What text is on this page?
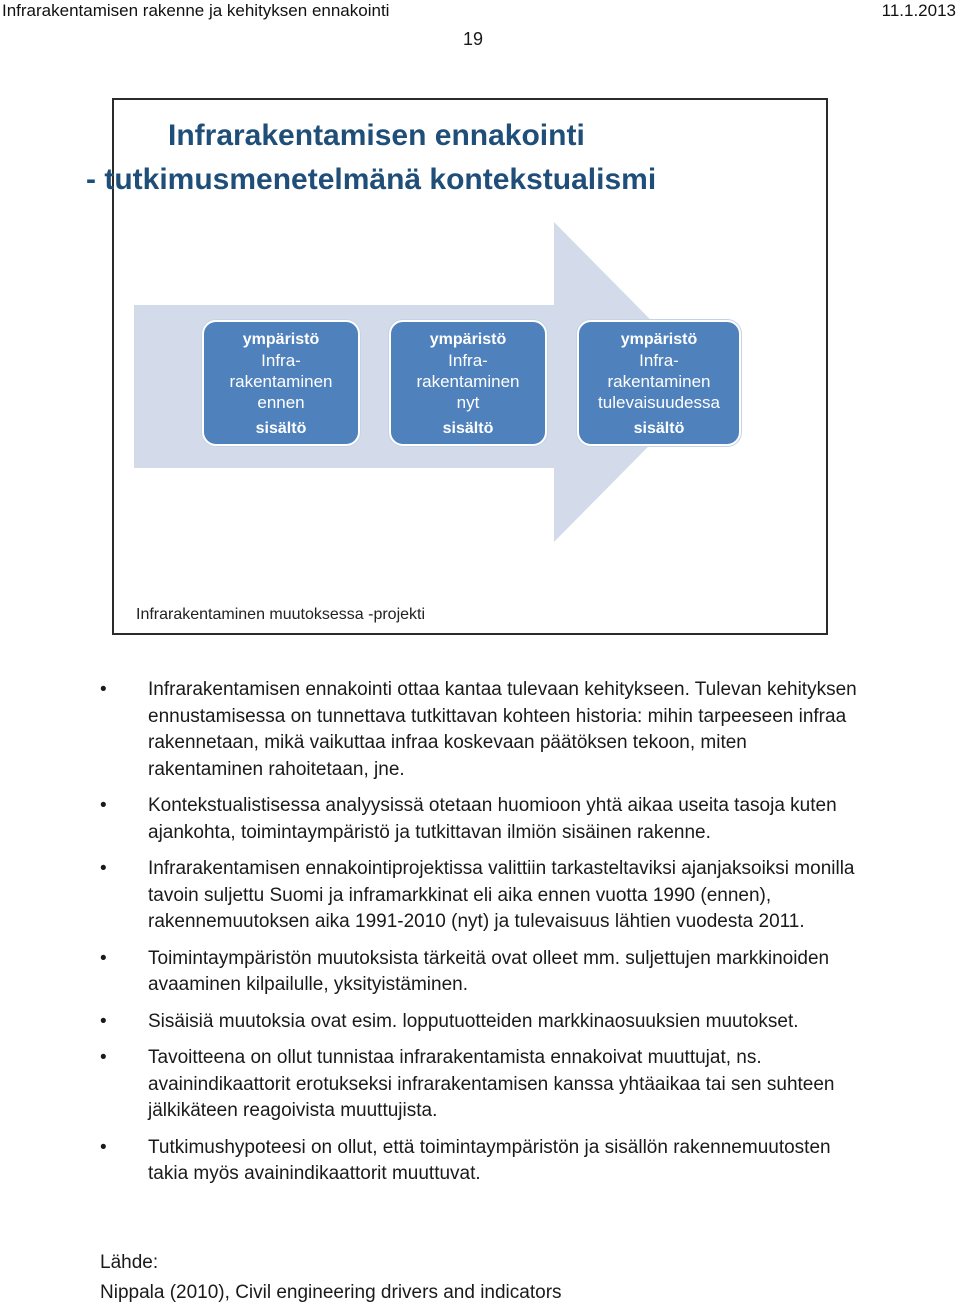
Infrarakentamisen rakenne ja kehityksen ennakointi	11.1.2013
19
Infrarakentamisen ennakointi
- tutkimusmenetelmänä kontekstualismi
ympäristö
Infra-
rakentaminen
ennen
sisältö
ympäristö
Infra-
rakentaminen
nyt
sisältö
ympäristö
Infra-
rakentaminen
tulevaisuudessa
sisältö
Infrarakentaminen muutoksessa -projekti
• Infrarakentamisen ennakointi ottaa kantaa tulevaan kehitykseen. Tulevan kehityksen ennustamisessa on tunnettava tutkittavan kohteen historia: mihin tarpeeseen infraa rakennetaan, mikä vaikuttaa infraa koskevaan päätöksen tekoon, miten rakentaminen rahoitetaan, jne.
• Kontekstualistisessa analyysissä otetaan huomioon yhtä aikaa useita tasoja kuten ajankohta, toimintaympäristö ja tutkittavan ilmiön sisäinen rakenne.
• Infrarakentamisen ennakointiprojektissa valittiin tarkasteltaviksi ajanjaksoiksi monilla tavoin suljettu Suomi ja inframarkkinat eli aika ennen vuotta 1990 (ennen), rakennemuutoksen aika 1991-2010 (nyt) ja tulevaisuus lähtien vuodesta 2011.
• Toimintaympäristön muutoksista tärkeitä ovat olleet mm. suljettujen markkinoiden avaaminen kilpailulle, yksityistäminen.
• Sisäisiä muutoksia ovat esim. lopputuotteiden markkinaosuuksien muutokset.
• Tavoitteena on ollut tunnistaa infrarakentamista ennakoivat muuttujat, ns. avainindikaattorit erotukseksi infrarakentamisen kanssa yhtäaikaa tai sen suhteen jälkikäteen reagoivista muuttujista.
• Tutkimushypoteesi on ollut, että toimintaympäristön ja sisällön rakennemuutosten takia myös avainindikaattorit muuttuvat.
Lähde:
Nippala (2010), Civil engineering drivers and indicators
